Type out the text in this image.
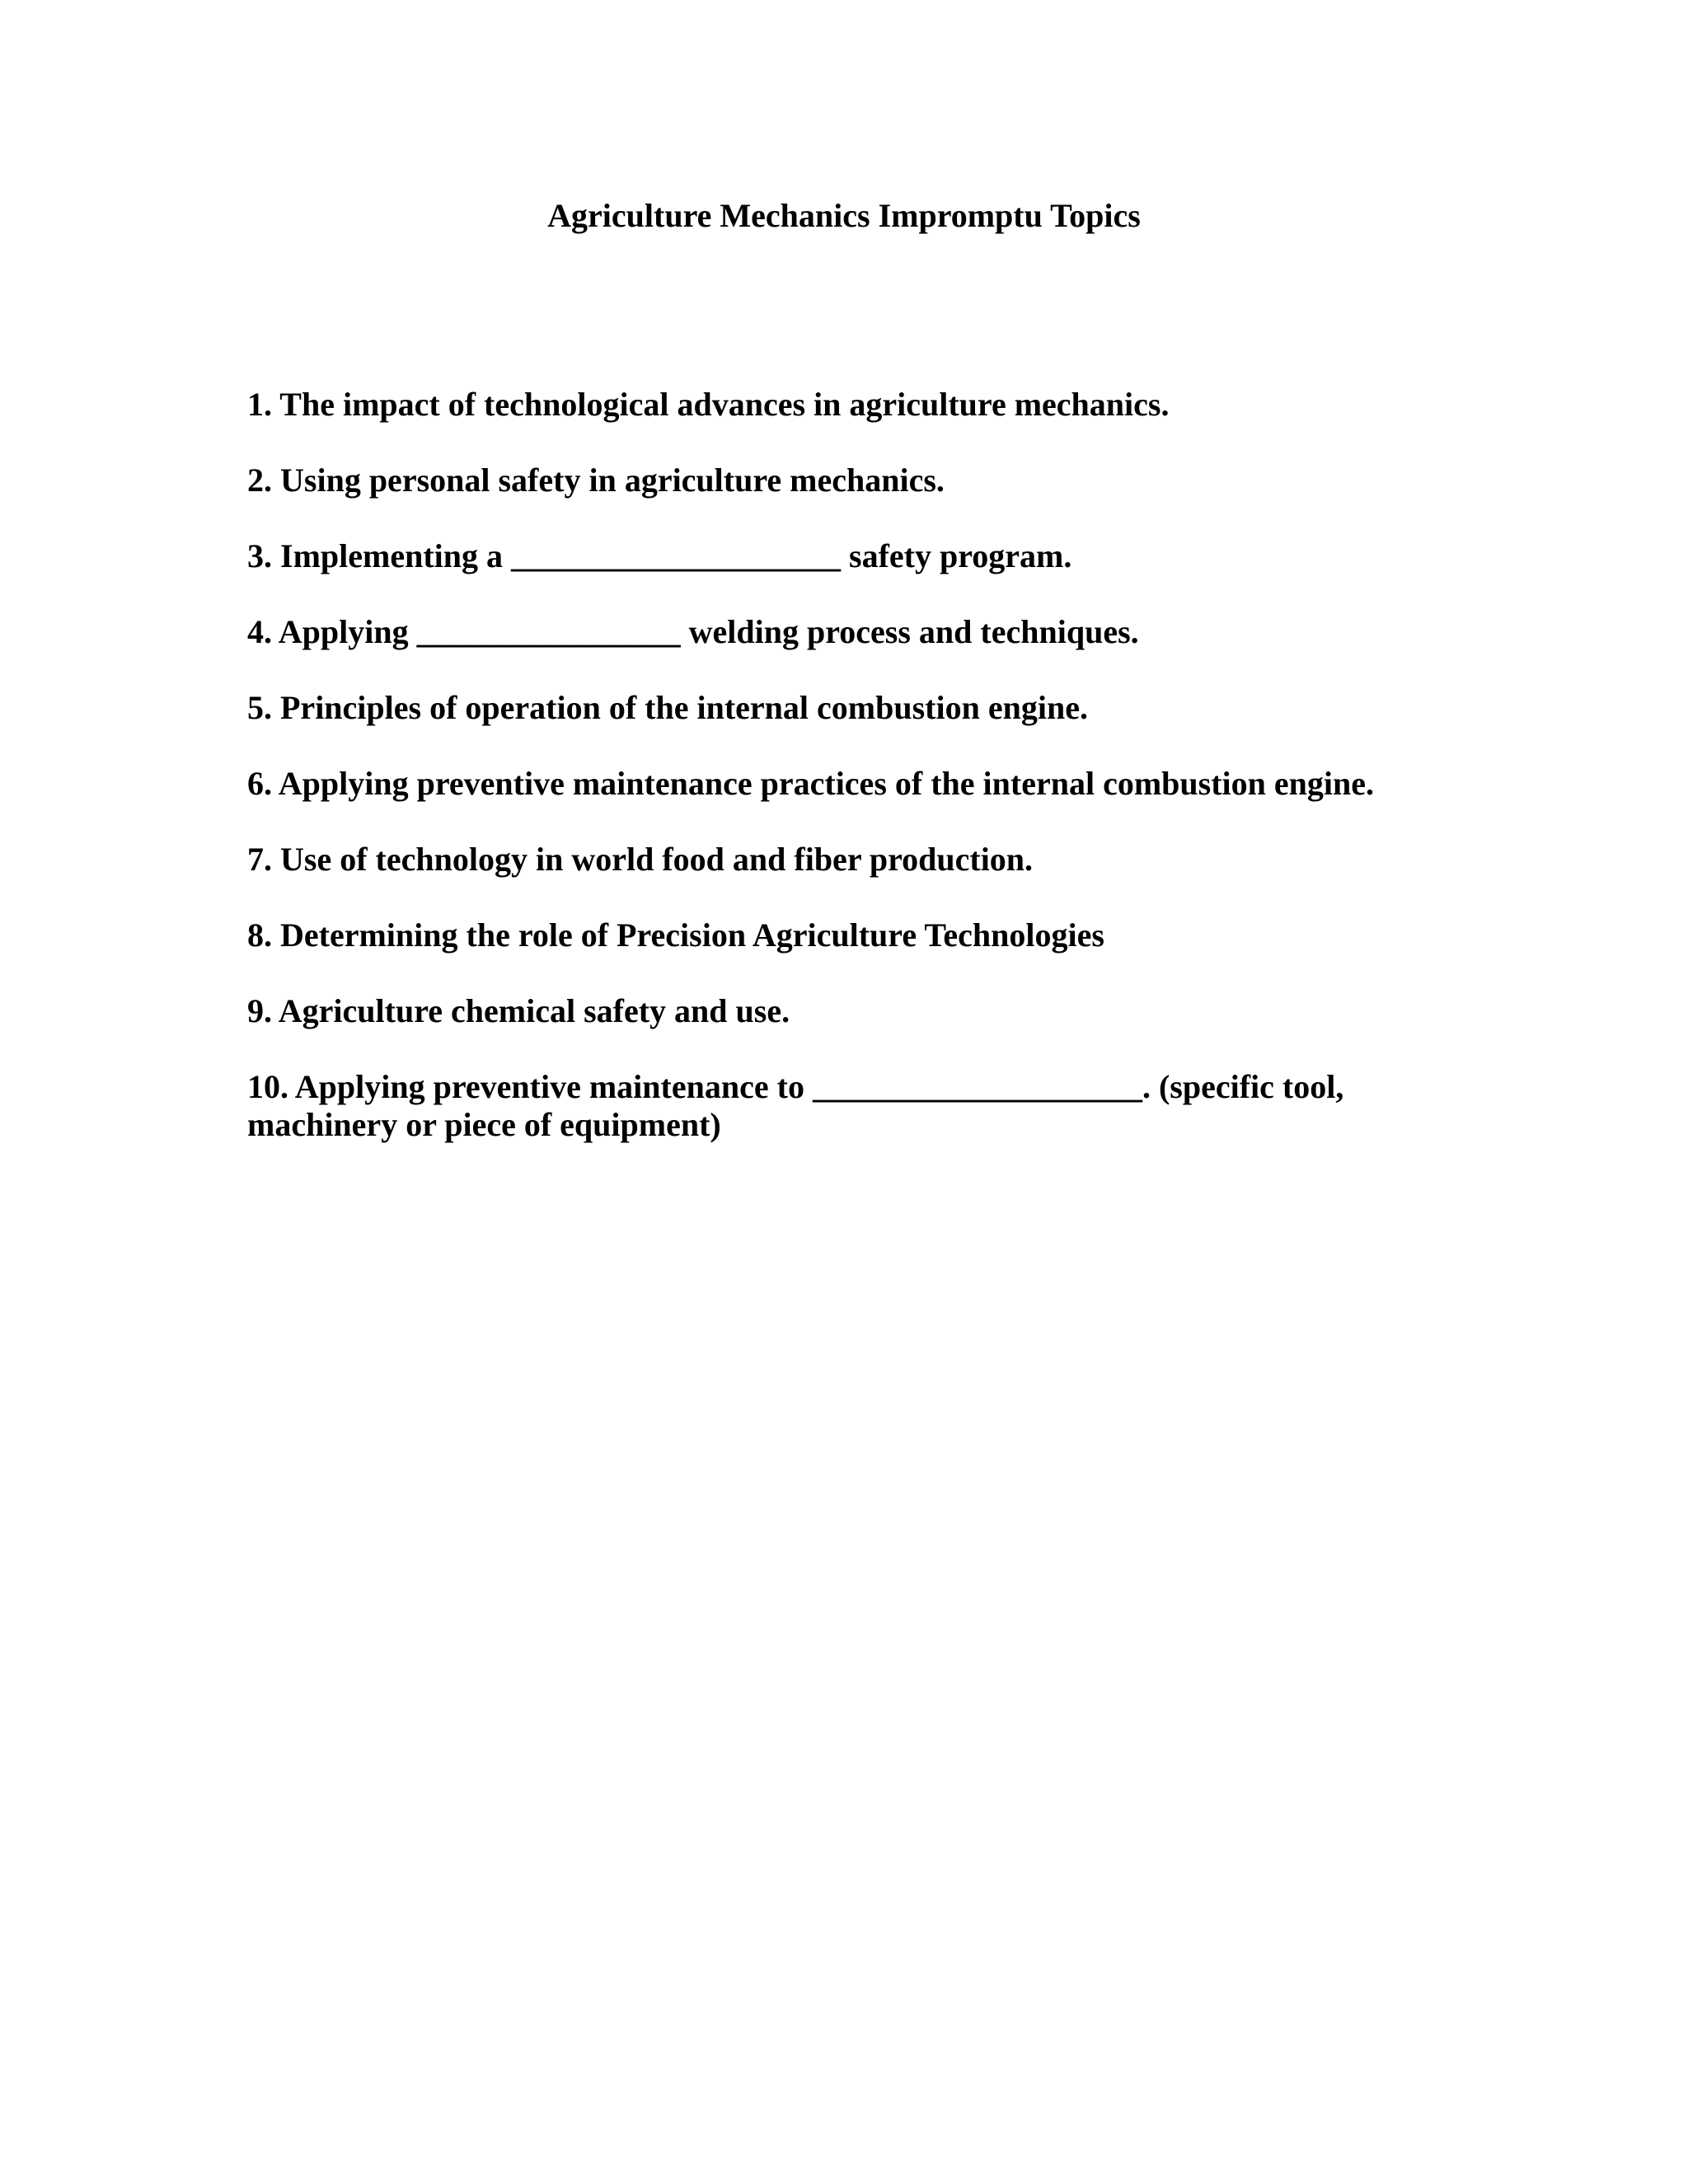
Agriculture Mechanics Impromptu Topics
1. The impact of technological advances in agriculture mechanics.
2. Using personal safety in agriculture mechanics.
3. Implementing a ____________________ safety program.
4. Applying ________________ welding process and techniques.
5. Principles of operation of the internal combustion engine.
6. Applying preventive maintenance practices of the internal combustion engine.
7. Use of technology in world food and fiber production.
8. Determining the role of Precision Agriculture Technologies
9. Agriculture chemical safety and use.
10. Applying preventive maintenance to ____________________. (specific tool, machinery or piece of equipment)
